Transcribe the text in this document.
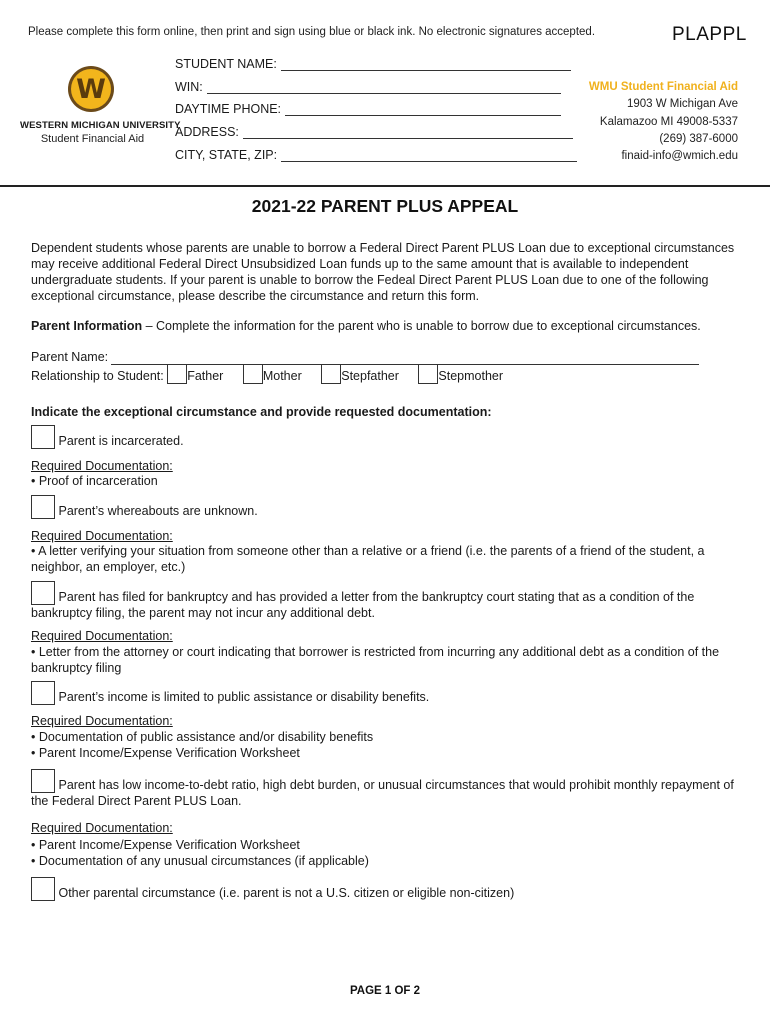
Please complete this form online, then print and sign using blue or black ink. No electronic signatures accepted.	PLAPPL
W
WESTERN MICHIGAN UNIVERSITY
Student Financial Aid
STUDENT NAME:
WIN:
DAYTIME PHONE:
ADDRESS:
CITY, STATE, ZIP:
WMU Student Financial Aid
1903 W Michigan Ave
Kalamazoo MI 49008-5337
(269) 387-6000
finaid-info@wmich.edu
2021-22 PARENT PLUS APPEAL
Dependent students whose parents are unable to borrow a Federal Direct Parent PLUS Loan due to exceptional circumstances may receive additional Federal Direct Unsubsidized Loan funds up to the same amount that is available to independent undergraduate students. If your parent is unable to borrow the Fedeal Direct Parent PLUS Loan due to one of the following exceptional circumstance, please describe the circumstance and return this form.
Parent Information – Complete the information for the parent who is unable to borrow due to exceptional circumstances.
Parent Name:
Relationship to Student: Father	Mother	Stepfather	Stepmother
Indicate the exceptional circumstance and provide requested documentation:
Parent is incarcerated.
Required Documentation:
• Proof of incarceration
Parent’s whereabouts are unknown.
Required Documentation:
• A letter verifying your situation from someone other than a relative or a friend (i.e. the parents of a friend of the student, a neighbor, an employer, etc.)
Parent has filed for bankruptcy and has provided a letter from the bankruptcy court stating that as a condition of the bankruptcy filing, the parent may not incur any additional debt.
Required Documentation:
• Letter from the attorney or court indicating that borrower is restricted from incurring any additional debt as a condition of the bankruptcy filing
Parent’s income is limited to public assistance or disability benefits.
Required Documentation:
• Documentation of public assistance and/or disability benefits
• Parent Income/Expense Verification Worksheet
Parent has low income-to-debt ratio, high debt burden, or unusual circumstances that would prohibit monthly repayment of the Federal Direct Parent PLUS Loan.
Required Documentation:
• Parent Income/Expense Verification Worksheet
• Documentation of any unusual circumstances (if applicable)
Other parental circumstance (i.e. parent is not a U.S. citizen or eligible non-citizen)
PAGE 1 OF 2
